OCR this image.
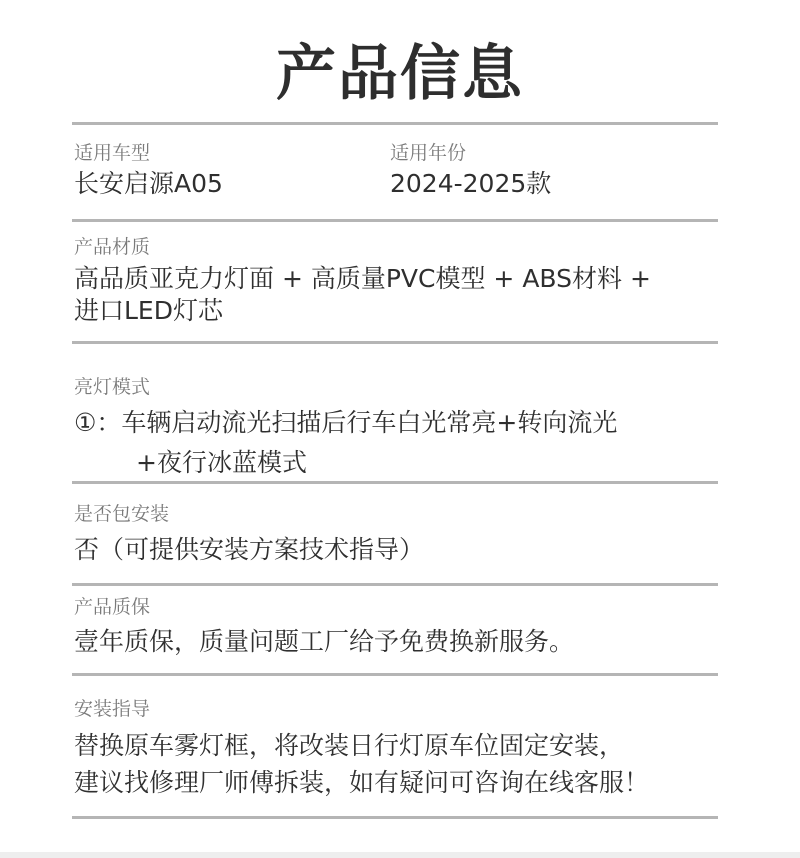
产品信息
适用车型
长安启源A05
适用年份
2024-2025款
产品材质
高品质亚克力灯面 + 高质量PVC模型 + ABS材料 +
进口LED灯芯
亮灯模式
①：车辆启动流光扫描后行车白光常亮+转向流光
+夜行冰蓝模式
是否包安装
否（可提供安装方案技术指导）
产品质保
壹年质保，质量问题工厂给予免费换新服务。
安装指导
替换原车雾灯框，将改装日行灯原车位固定安装，
建议找修理厂师傅拆装，如有疑问可咨询在线客服！
